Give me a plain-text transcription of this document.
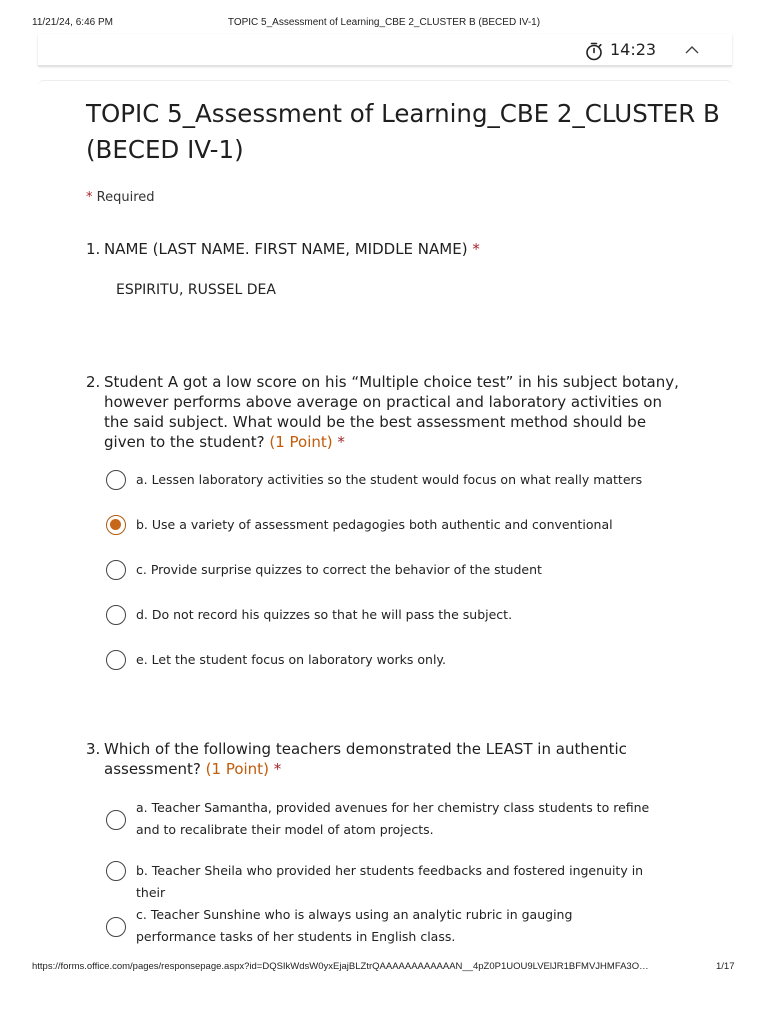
11/21/24, 6:46 PM	TOPIC 5_Assessment of Learning_CBE 2_CLUSTER B (BECED IV-1)
14:23
TOPIC 5_Assessment of Learning_CBE 2_CLUSTER B (BECED IV-1)
* Required
1. NAME (LAST NAME. FIRST NAME, MIDDLE NAME) *
ESPIRITU, RUSSEL DEA
2. Student A got a low score on his “Multiple choice test” in his subject botany, however performs above average on practical and laboratory activities on the said subject. What would be the best assessment method should be given to the student? (1 Point) *
a. Lessen laboratory activities so the student would focus on what really matters
b. Use a variety of assessment pedagogies both authentic and conventional
c. Provide surprise quizzes to correct the behavior of the student
d. Do not record his quizzes so that he will pass the subject.
e. Let the student focus on laboratory works only.
3. Which of the following teachers demonstrated the LEAST in authentic assessment? (1 Point) *
a. Teacher Samantha, provided avenues for her chemistry class students to refine and to recalibrate their model of atom projects.
b. Teacher Sheila who provided her students feedbacks and fostered ingenuity in their
c. Teacher Sunshine who is always using an analytic rubric in gauging performance tasks of her students in English class.
https://forms.office.com/pages/responsepage.aspx?id=DQSIkWdsW0yxEjajBLZtrQAAAAAAAAAAAAN__4pZ0P1UOU9LVElJR1BFMVJHMFA3O…	1/17
